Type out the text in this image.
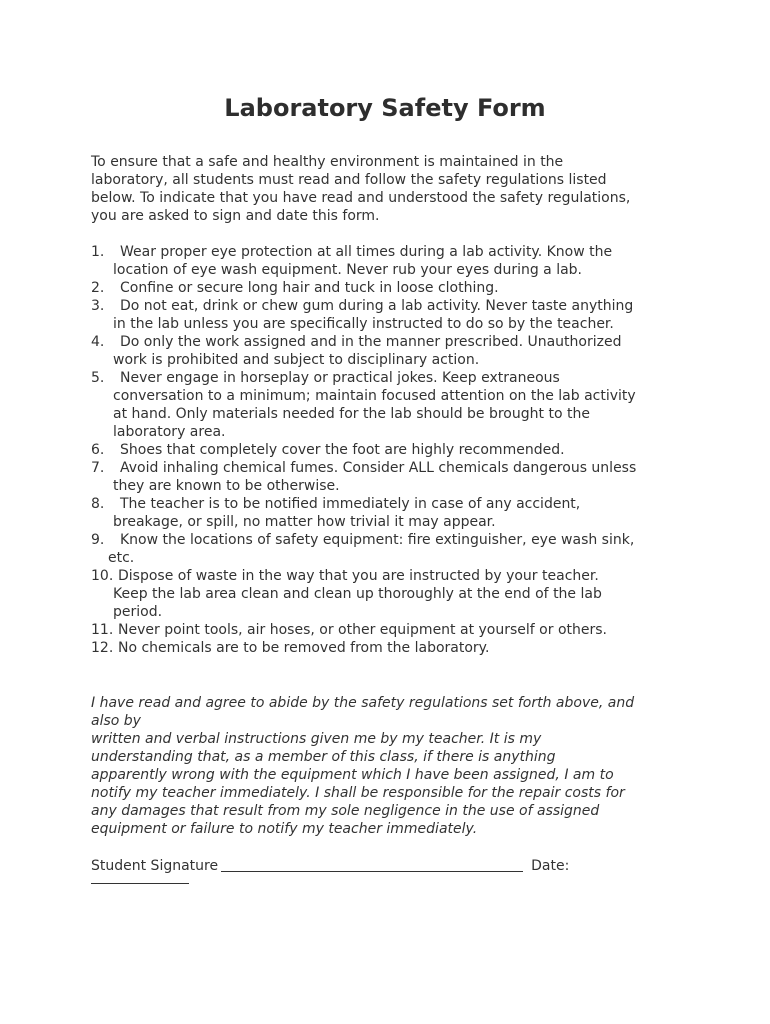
Laboratory Safety Form
To ensure that a safe and healthy environment is maintained in the
laboratory, all students must read and follow the safety regulations listed
below. To indicate that you have read and understood the safety regulations,
you are asked to sign and date this form.
1. Wear proper eye protection at all times during a lab activity. Know the
location of eye wash equipment. Never rub your eyes during a lab.
2. Confine or secure long hair and tuck in loose clothing.
3. Do not eat, drink or chew gum during a lab activity. Never taste anything
in the lab unless you are specifically instructed to do so by the teacher.
4. Do only the work assigned and in the manner prescribed. Unauthorized
work is prohibited and subject to disciplinary action.
5. Never engage in horseplay or practical jokes. Keep extraneous
conversation to a minimum; maintain focused attention on the lab activity
at hand. Only materials needed for the lab should be brought to the
laboratory area.
6. Shoes that completely cover the foot are highly recommended.
7. Avoid inhaling chemical fumes. Consider ALL chemicals dangerous unless
they are known to be otherwise.
8. The teacher is to be notified immediately in case of any accident,
breakage, or spill, no matter how trivial it may appear.
9. Know the locations of safety equipment: fire extinguisher, eye wash sink,
etc.
10. Dispose of waste in the way that you are instructed by your teacher.
Keep the lab area clean and clean up thoroughly at the end of the lab
period.
11. Never point tools, air hoses, or other equipment at yourself or others.
12. No chemicals are to be removed from the laboratory.
I have read and agree to abide by the safety regulations set forth above, and
also by
written and verbal instructions given me by my teacher. It is my
understanding that, as a member of this class, if there is anything
apparently wrong with the equipment which I have been assigned, I am to
notify my teacher immediately. I shall be responsible for the repair costs for
any damages that result from my sole negligence in the use of assigned
equipment or failure to notify my teacher immediately.
Student Signature	Date:
